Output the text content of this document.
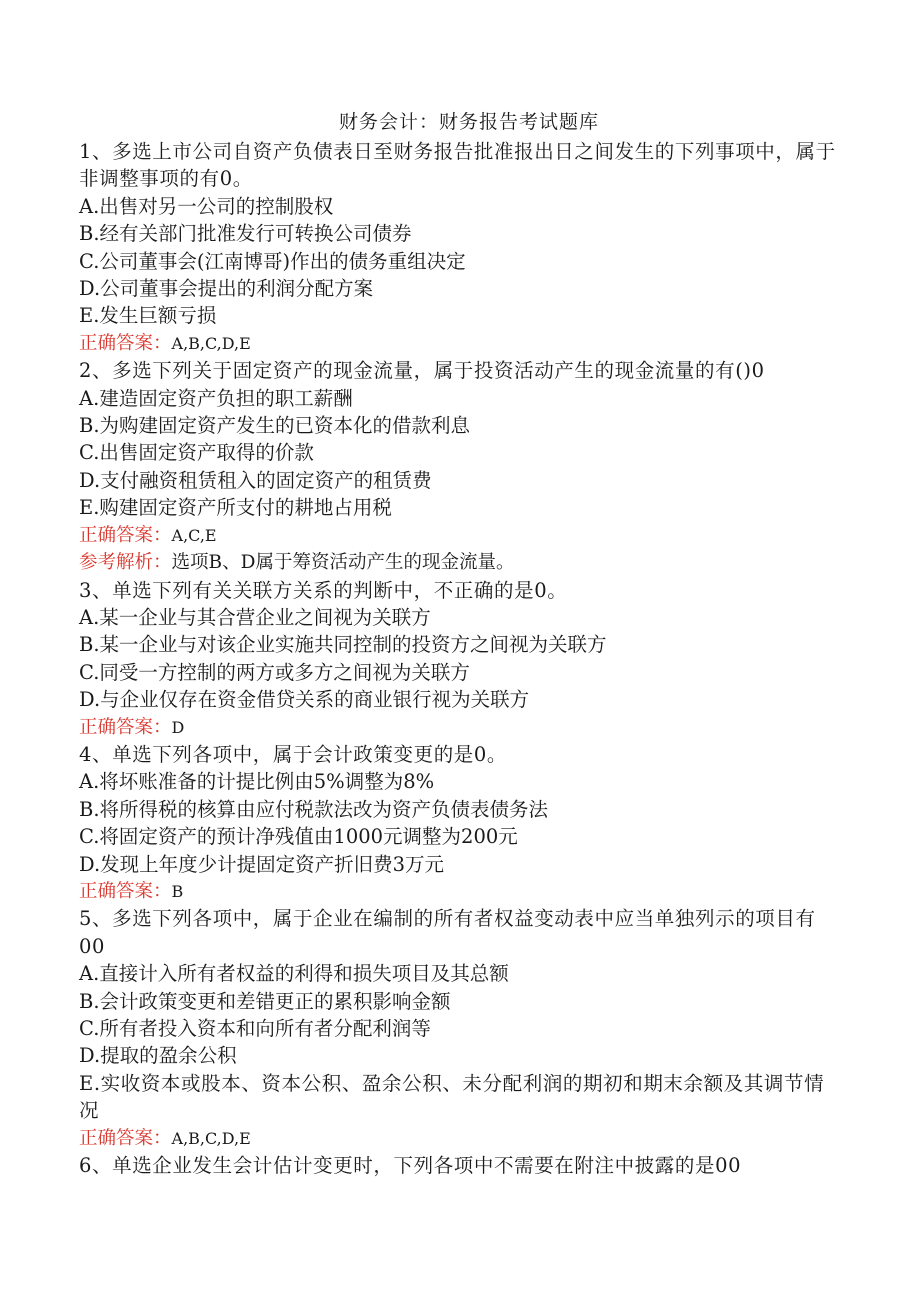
财务会计：财务报告考试题库

1、多选上市公司自资产负债表日至财务报告批准报出日之间发生的下列事项中，属于非调整事项的有0。

A.出售对另一公司的控制股权

B.经有关部门批准发行可转换公司债券

C.公司董事会(江南博哥)作出的债务重组决定

D.公司董事会提出的利润分配方案

E.发生巨额亏损

正确答案：A,B,C,D,E

2、多选下列关于固定资产的现金流量，属于投资活动产生的现金流量的有()0

A.建造固定资产负担的职工薪酬

B.为购建固定资产发生的已资本化的借款利息

C.出售固定资产取得的价款

D.支付融资租赁租入的固定资产的租赁费

E.购建固定资产所支付的耕地占用税

正确答案：A,C,E

参考解析：选项B、D属于筹资活动产生的现金流量。

3、单选下列有关关联方关系的判断中，不正确的是0。

A.某一企业与其合营企业之间视为关联方

B.某一企业与对该企业实施共同控制的投资方之间视为关联方

C.同受一方控制的两方或多方之间视为关联方

D.与企业仅存在资金借贷关系的商业银行视为关联方

正确答案：D

4、单选下列各项中，属于会计政策变更的是0。

A.将坏账准备的计提比例由5%调整为8%

B.将所得税的核算由应付税款法改为资产负债表债务法

C.将固定资产的预计净残值由1000元调整为200元

D.发现上年度少计提固定资产折旧费3万元

正确答案：B

5、多选下列各项中，属于企业在编制的所有者权益变动表中应当单独列示的项目有00

A.直接计入所有者权益的利得和损失项目及其总额

B.会计政策变更和差错更正的累积影响金额

C.所有者投入资本和向所有者分配利润等

D.提取的盈余公积

E.实收资本或股本、资本公积、盈余公积、未分配利润的期初和期末余额及其调节情况

正确答案：A,B,C,D,E

6、单选企业发生会计估计变更时，下列各项中不需要在附注中披露的是00
